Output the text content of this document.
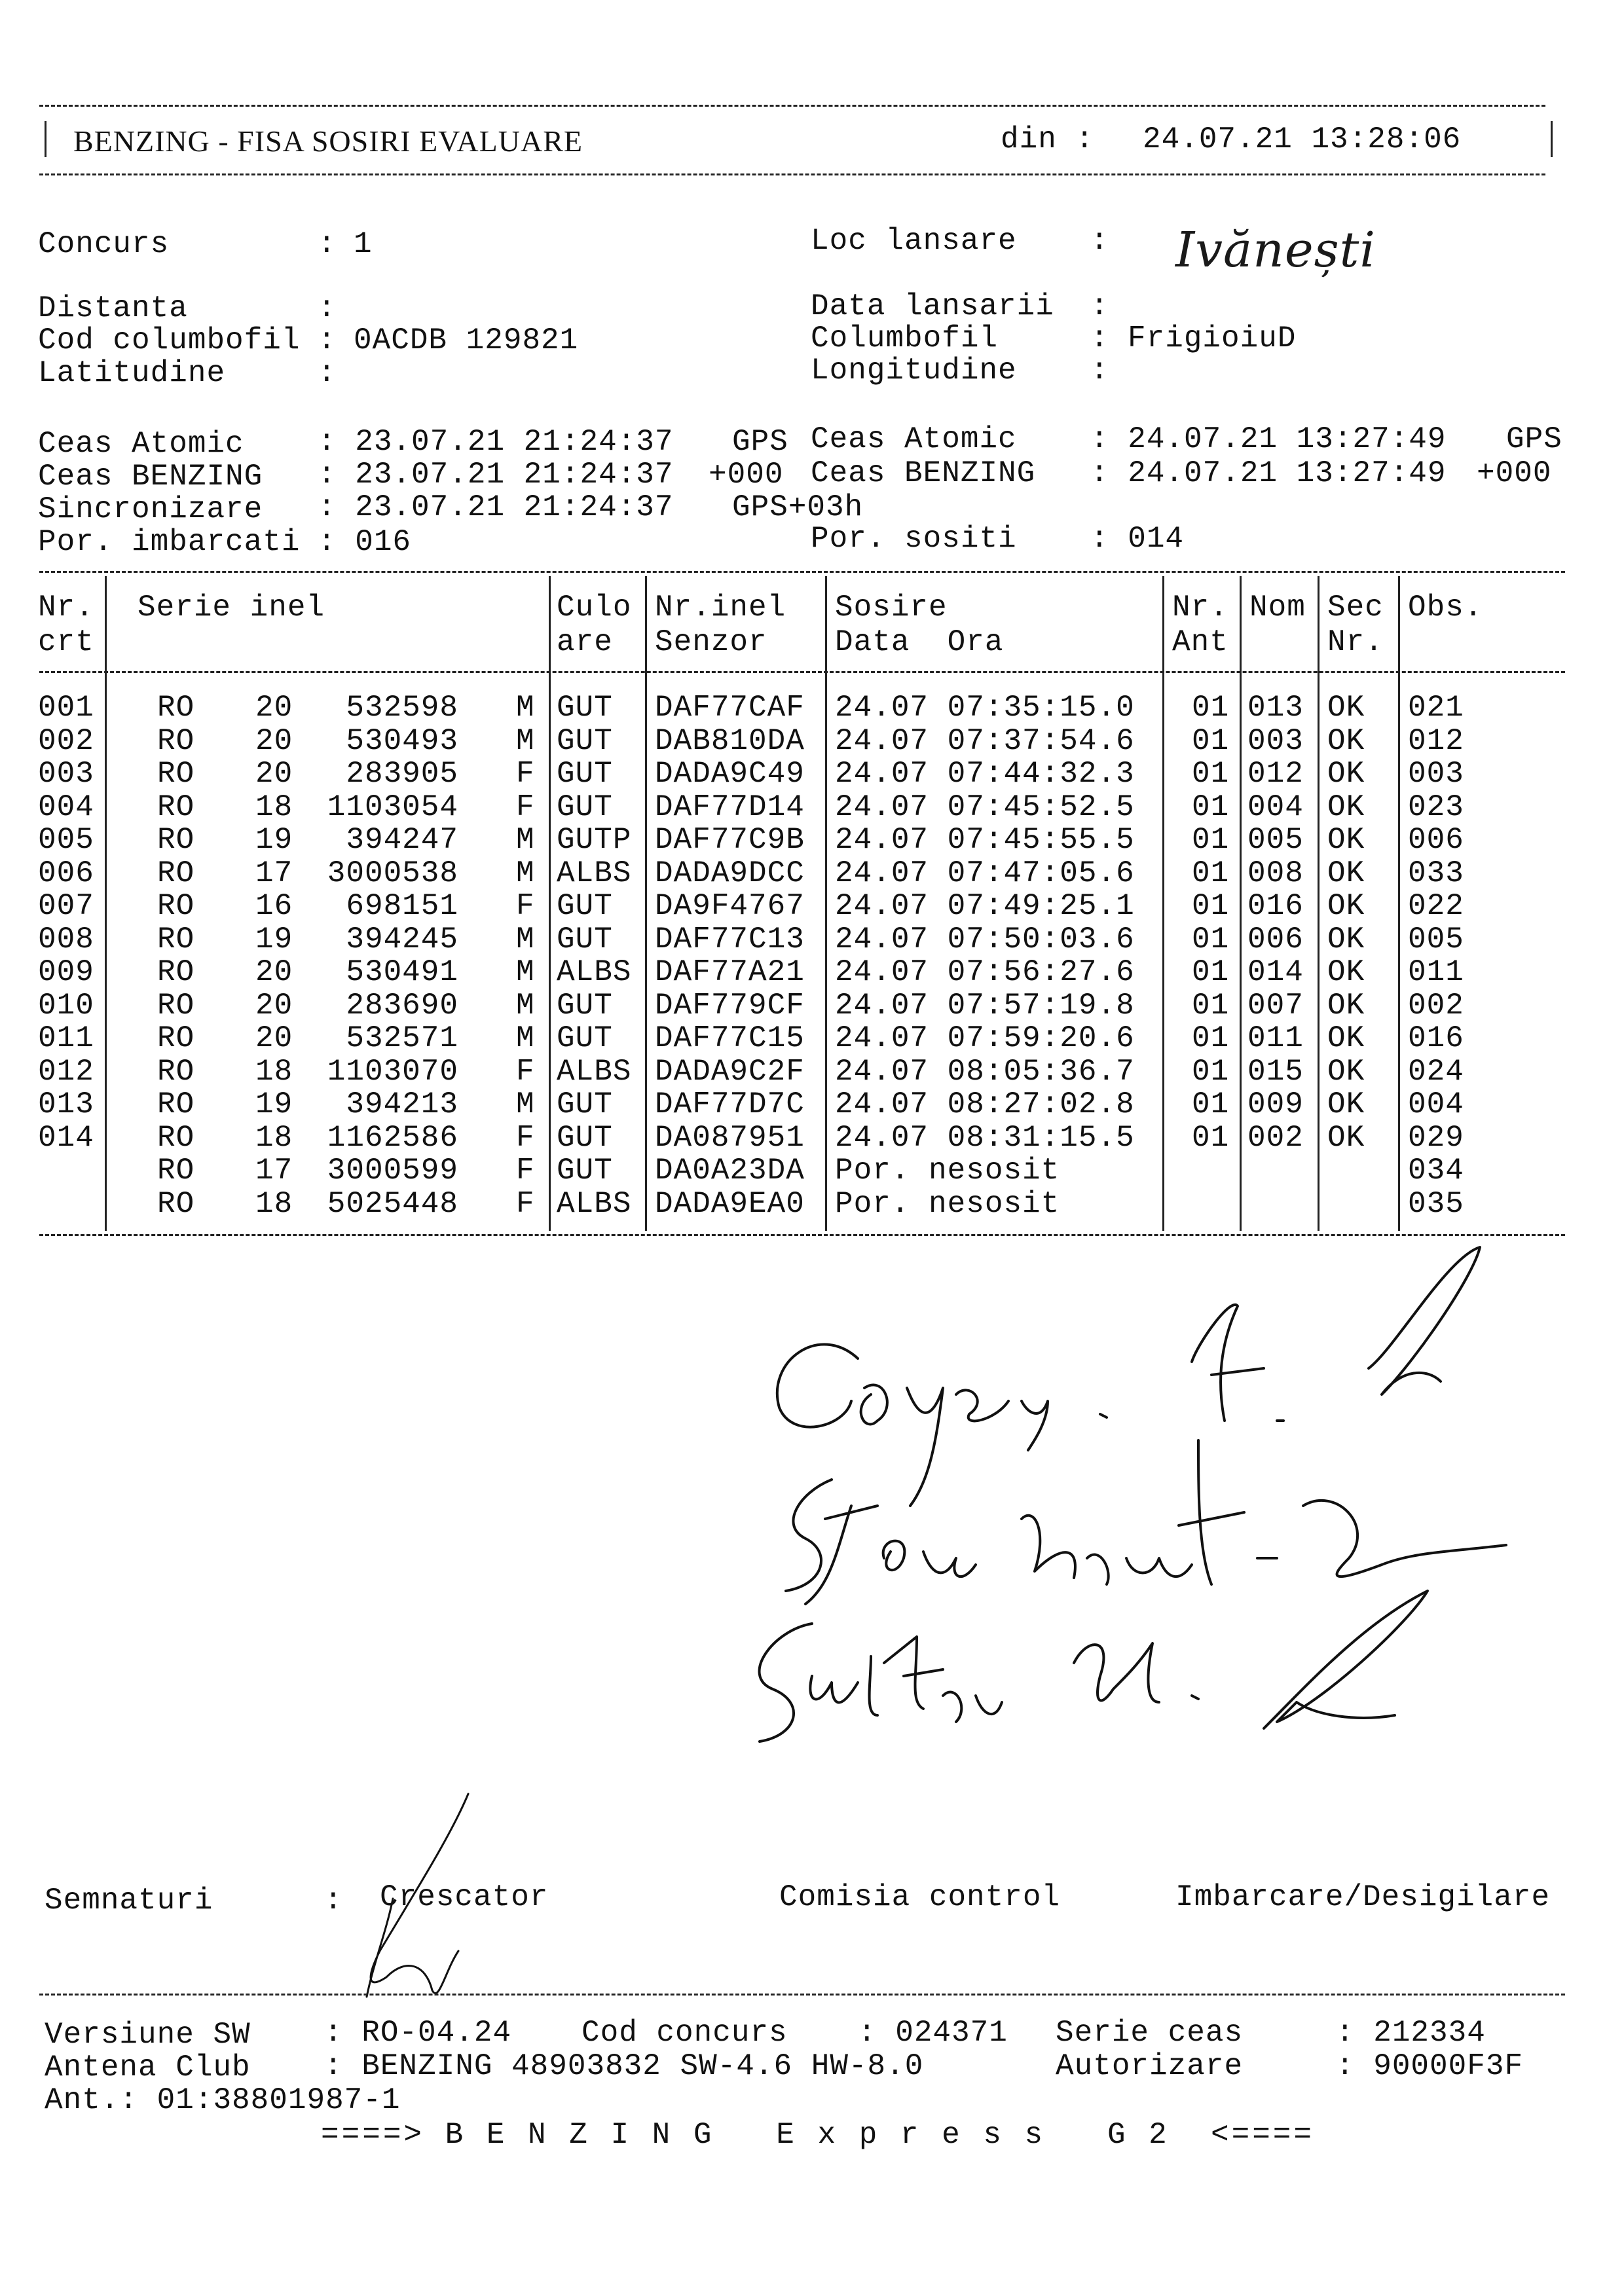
BENZING - FISA SOSIRI EVALUARE	din : 24.07.21 13:28:06
Concurs	: 1
Distanta	:
Cod columbofil : 0ACDB 129821
Latitudine	:
Loc lansare : Ivănești
Data lansarii :
Columbofil	: FrigioiuD
Longitudine :
Ceas Atomic : 23.07.21 21:24:37 GPS
Ceas BENZING : 23.07.21 21:24:37 +000
Sincronizare : 23.07.21 21:24:37 GPS+03h
Por. imbarcati : 016
Ceas Atomic : 24.07.21 13:27:49 GPS
Ceas BENZING : 24.07.21 13:27:49 +000
Por. sositi : 014
Nr. Serie inel	Culo Nr.inel Sosire	Nr. Nom Sec Obs.
crt	are Senzor Data  Ora	Ant	Nr.
001 RO 20 532598 M GUT DAF77CAF 24.07 07:35:15.0 01 013 OK 021
002 RO 20 530493 M GUT DAB810DA 24.07 07:37:54.6 01 003 OK 012
003 RO 20 283905 F GUT DADA9C49 24.07 07:44:32.3 01 012 OK 003
004 RO 18 1103054 F GUT DAF77D14 24.07 07:45:52.5 01 004 OK 023
005 RO 19 394247 M GUTP DAF77C9B 24.07 07:45:55.5 01 005 OK 006
006 RO 17 3000538 M ALBS DADA9DCC 24.07 07:47:05.6 01 008 OK 033
007 RO 16 698151 F GUT DA9F4767 24.07 07:49:25.1 01 016 OK 022
008 RO 19 394245 M GUT DAF77C13 24.07 07:50:03.6 01 006 OK 005
009 RO 20 530491 M ALBS DAF77A21 24.07 07:56:27.6 01 014 OK 011
010 RO 20 283690 M GUT DAF779CF 24.07 07:57:19.8 01 007 OK 002
011 RO 20 532571 M GUT DAF77C15 24.07 07:59:20.6 01 011 OK 016
012 RO 18 1103070 F ALBS DADA9C2F 24.07 08:05:36.7 01 015 OK 024
013 RO 19 394213 M GUT DAF77D7C 24.07 08:27:02.8 01 009 OK 004
014 RO 18 1162586 F GUT DA087951 24.07 08:31:15.5 01 002 OK 029
RO 17 3000599 F GUT DA0A23DA Por. nesosit	034
RO 18 5025448 F ALBS DADA9EA0 Por. nesosit	035
Semnaturi	: Crescator	Comisia control	Imbarcare/Desigilare
Versiune SW : RO-04.24 Cod concurs : 024371 Serie ceas	: 212334
Antena Club : BENZING 48903832 SW-4.6 HW-8.0	Autorizare	: 90000F3F
Ant.: 01:38801987-1
====> B E N Z I N G   E x p r e s s   G 2  <====
